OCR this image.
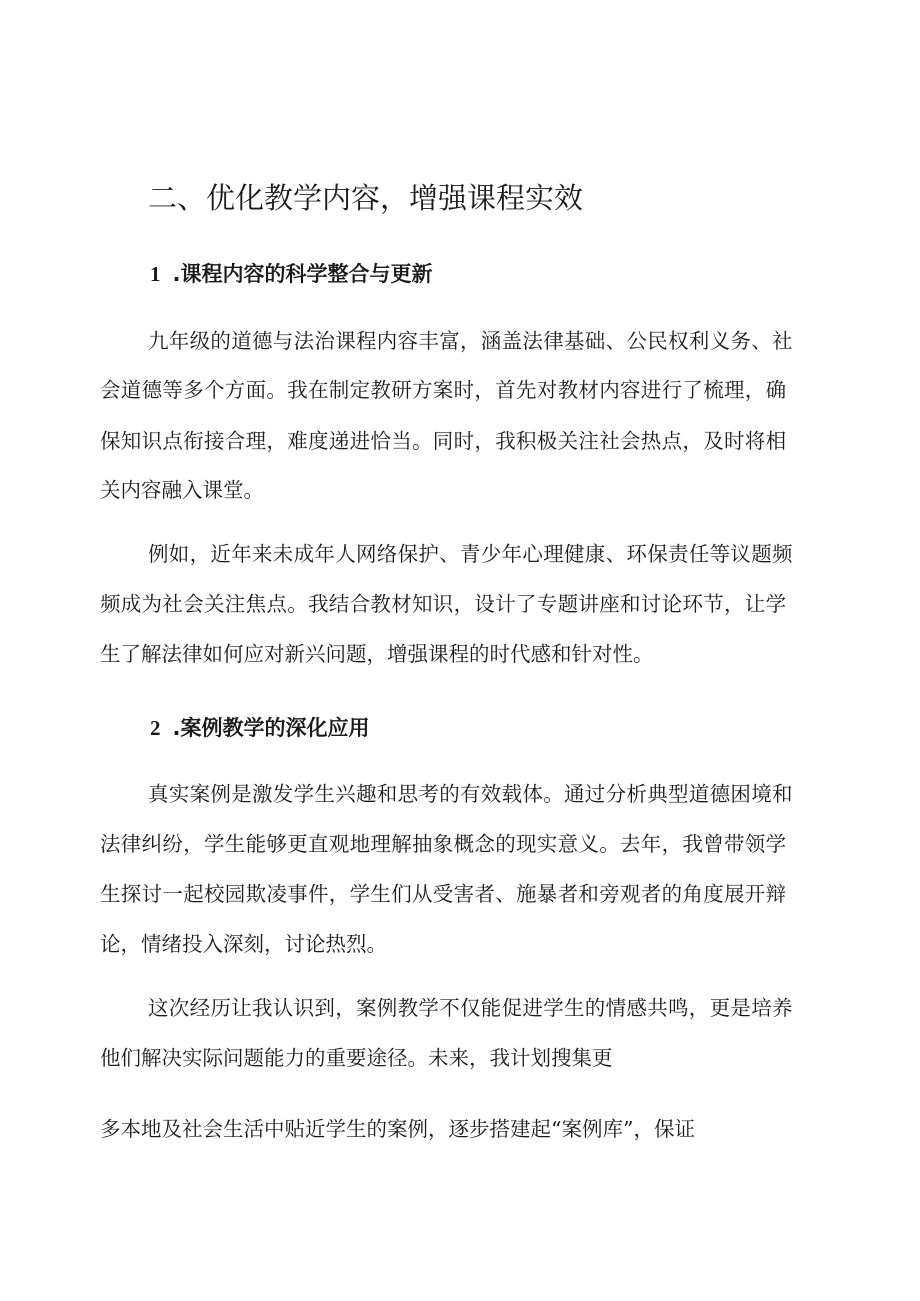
二、优化教学内容，增强课程实效
1 .课程内容的科学整合与更新

九年级的道德与法治课程内容丰富，涵盖法律基础、公民权利义务、社

会道德等多个方面。我在制定教研方案时，首先对教材内容进行了梳理，确

保知识点衔接合理，难度递进恰当。同时，我积极关注社会热点，及时将相

关内容融入课堂。

例如，近年来未成年人网络保护、青少年心理健康、环保责任等议题频

频成为社会关注焦点。我结合教材知识，设计了专题讲座和讨论环节，让学

生了解法律如何应对新兴问题，增强课程的时代感和针对性。

2 .案例教学的深化应用

真实案例是激发学生兴趣和思考的有效载体。通过分析典型道德困境和

法律纠纷，学生能够更直观地理解抽象概念的现实意义。去年，我曾带领学

生探讨一起校园欺凌事件，学生们从受害者、施暴者和旁观者的角度展开辩

论，情绪投入深刻，讨论热烈。

这次经历让我认识到，案例教学不仅能促进学生的情感共鸣，更是培养

他们解决实际问题能力的重要途径。未来，我计划搜集更

多本地及社会生活中贴近学生的案例，逐步搭建起“案例库”，保证
